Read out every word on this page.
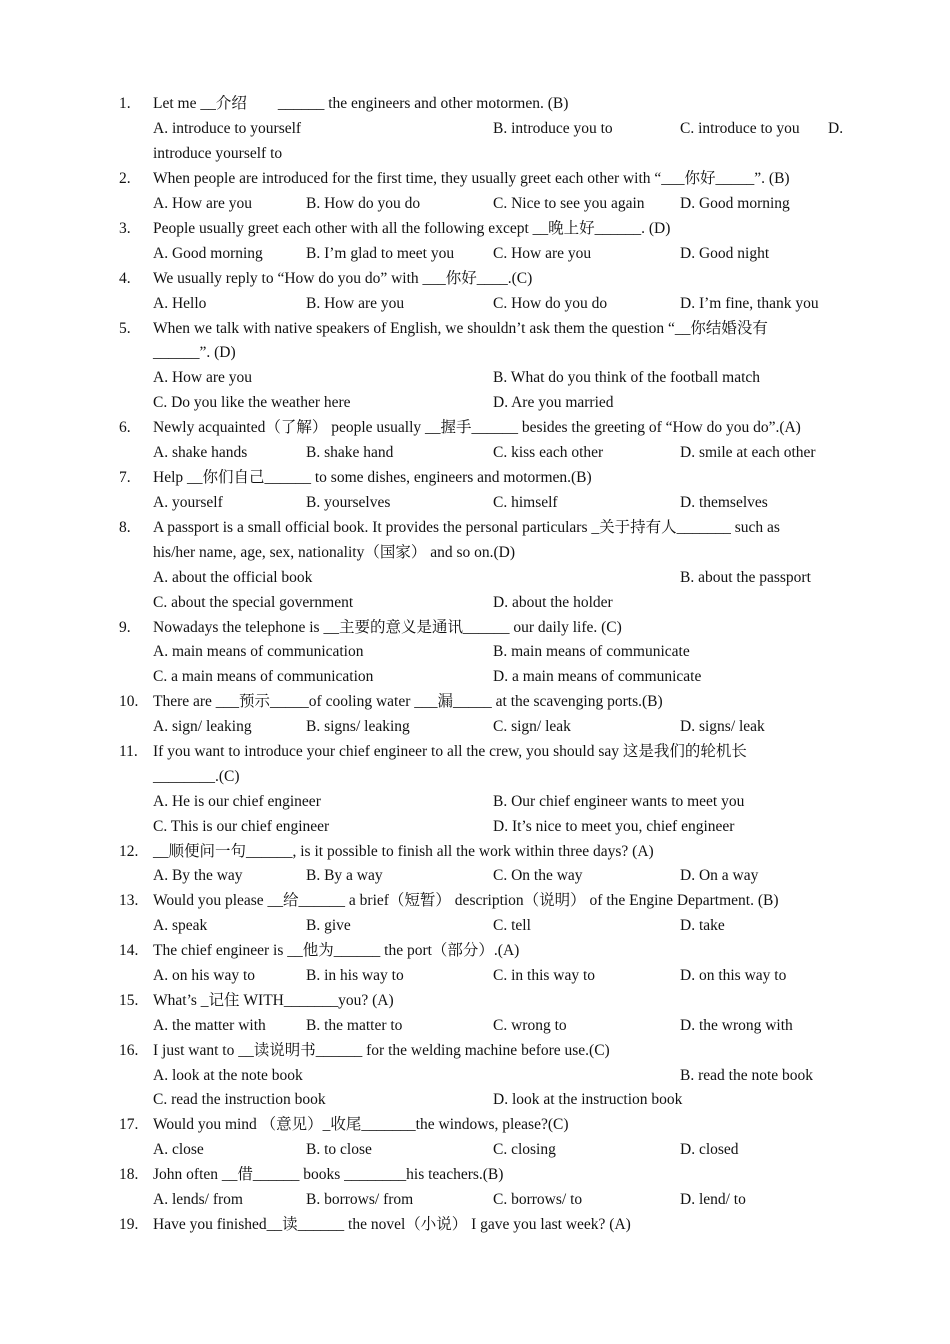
1. Let me __介绍        ______ the engineers and other motormen. (B)
A. introduce to yourself	B. introduce you to	C. introduce to you D.
introduce yourself to
2. When people are introduced for the first time, they usually greet each other with “___你好_____”. (B)
A. How are you	B. How do you do	C. Nice to see you again D. Good morning
3. People usually greet each other with all the following except __晚上好______. (D)
A. Good morning	B. I’m glad to meet you	C. How are you	D. Good night
4. We usually reply to “How do you do” with ___你好____.(C)
A. Hello	B. How are you	C. How do you do	D. I’m fine, thank you
5. When we talk with native speakers of English, we shouldn’t ask them the question “__你结婚没有
______”. (D)
A. How are you	B. What do you think of the football match
C. Do you like the weather here	D. Are you married
6. Newly acquainted（了解） people usually __握手______ besides the greeting of “How do you do”.(A)
A. shake hands	B. shake hand	C. kiss each other	D. smile at each other
7. Help __你们自己______ to some dishes, engineers and motormen.(B)
A. yourself	B. yourselves	C. himself	D. themselves
8. A passport is a small official book. It provides the personal particulars _关于持有人_______ such as
his/her name, age, sex, nationality（国家） and so on.(D)
A. about the official book	B. about the passport
C. about the special government	D. about the holder
9. Nowadays the telephone is __主要的意义是通讯______ our daily life. (C)
A. main means of communication	B. main means of communicate
C. a main means of communication	D. a main means of communicate
10. There are ___预示_____of cooling water ___漏_____ at the scavenging ports.(B)
A. sign/ leaking	B. signs/ leaking	C. sign/ leak	D. signs/ leak
11. If you want to introduce your chief engineer to all the crew, you should say 这是我们的轮机长
________.(C)
A. He is our chief engineer	B. Our chief engineer wants to meet you
C. This is our chief engineer	D. It’s nice to meet you, chief engineer
12. __顺便问一句______, is it possible to finish all the work within three days? (A)
A. By the way	B. By a way	C. On the way	D. On a way
13. Would you please __给______ a brief（短暂） description（说明） of the Engine Department. (B)
A. speak	B. give	C. tell	D. take
14. The chief engineer is __他为______ the port（部分）.(A)
A. on his way to	B. in his way to	C. in this way to	D. on this way to
15. What’s _记住 WITH_______you? (A)
A. the matter with	B. the matter to	C. wrong to	D. the wrong with
16. I just want to __读说明书______ for the welding machine before use.(C)
A. look at the note book	B. read the note book
C. read the instruction book	D. look at the instruction book
17. Would you mind （意见）_收尾_______the windows, please?(C)
A. close	B. to close	C. closing	D. closed
18. John often __借______ books ________his teachers.(B)
A. lends/ from	B. borrows/ from	C. borrows/ to	D. lend/ to
19. Have you finished__读______ the novel（小说） I gave you last week? (A)
